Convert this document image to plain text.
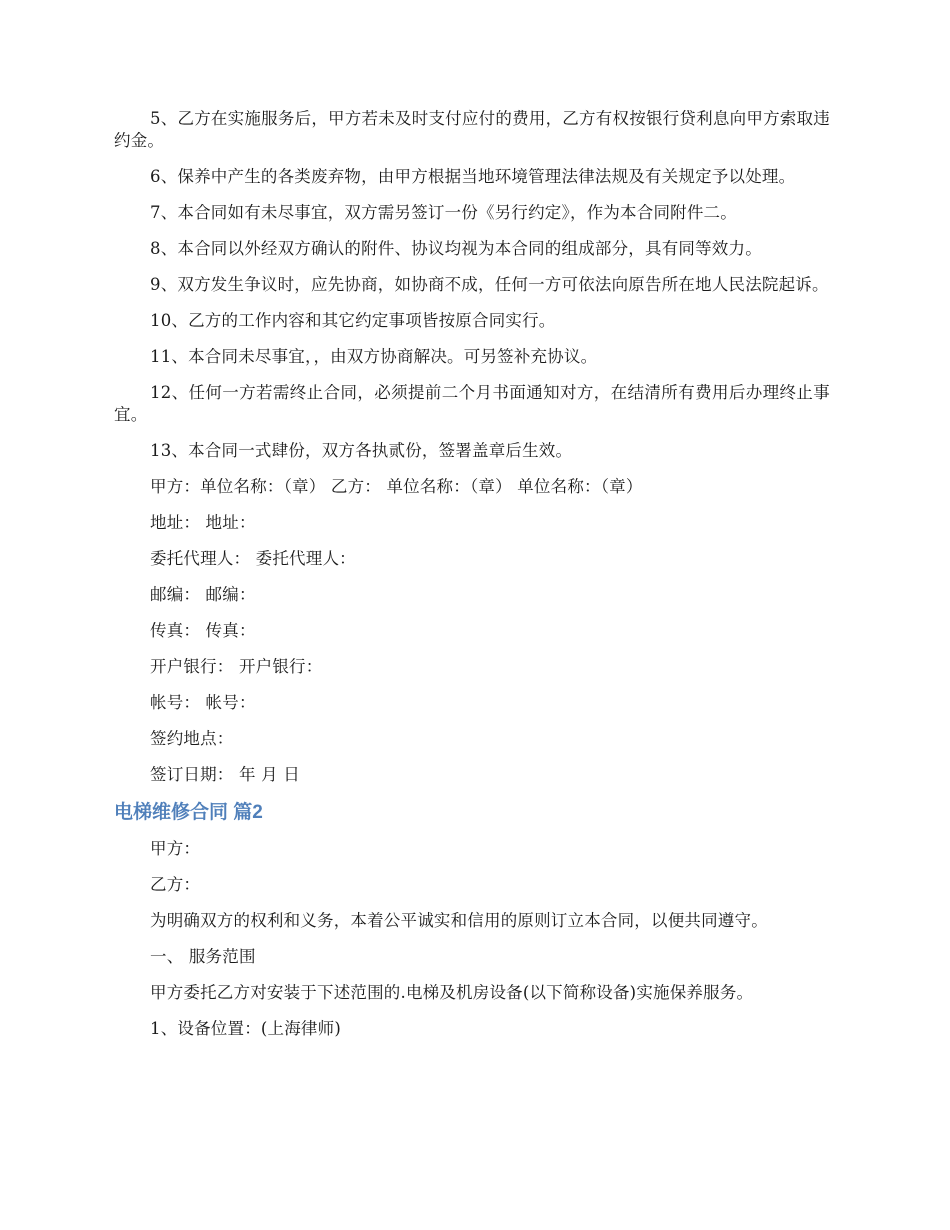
5、乙方在实施服务后，甲方若未及时支付应付的费用，乙方有权按银行贷利息向甲方索取违约金。

6、保养中产生的各类废弃物，由甲方根据当地环境管理法律法规及有关规定予以处理。

7、本合同如有未尽事宜，双方需另签订一份《另行约定》，作为本合同附件二。

8、本合同以外经双方确认的附件、协议均视为本合同的组成部分，具有同等效力。

9、双方发生争议时，应先协商，如协商不成，任何一方可依法向原告所在地人民法院起诉。

10、乙方的工作内容和其它约定事项皆按原合同实行。

11、本合同未尽事宜，，由双方协商解决。可另签补充协议。

12、任何一方若需终止合同，必须提前二个月书面通知对方，在结清所有费用后办理终止事宜。

13、本合同一式肆份，双方各执贰份，签署盖章后生效。

甲方：单位名称：（章） 乙方： 单位名称：（章） 单位名称：（章）

地址： 地址：

委托代理人： 委托代理人：

邮编： 邮编：

传真： 传真：

开户银行： 开户银行：

帐号： 帐号：

签约地点：

签订日期： 年 月 日

电梯维修合同 篇2

甲方：

乙方：

为明确双方的权利和义务，本着公平诚实和信用的原则订立本合同，以便共同遵守。

一、 服务范围

甲方委托乙方对安装于下述范围的.电梯及机房设备(以下简称设备)实施保养服务。

1、设备位置：(上海律师)
